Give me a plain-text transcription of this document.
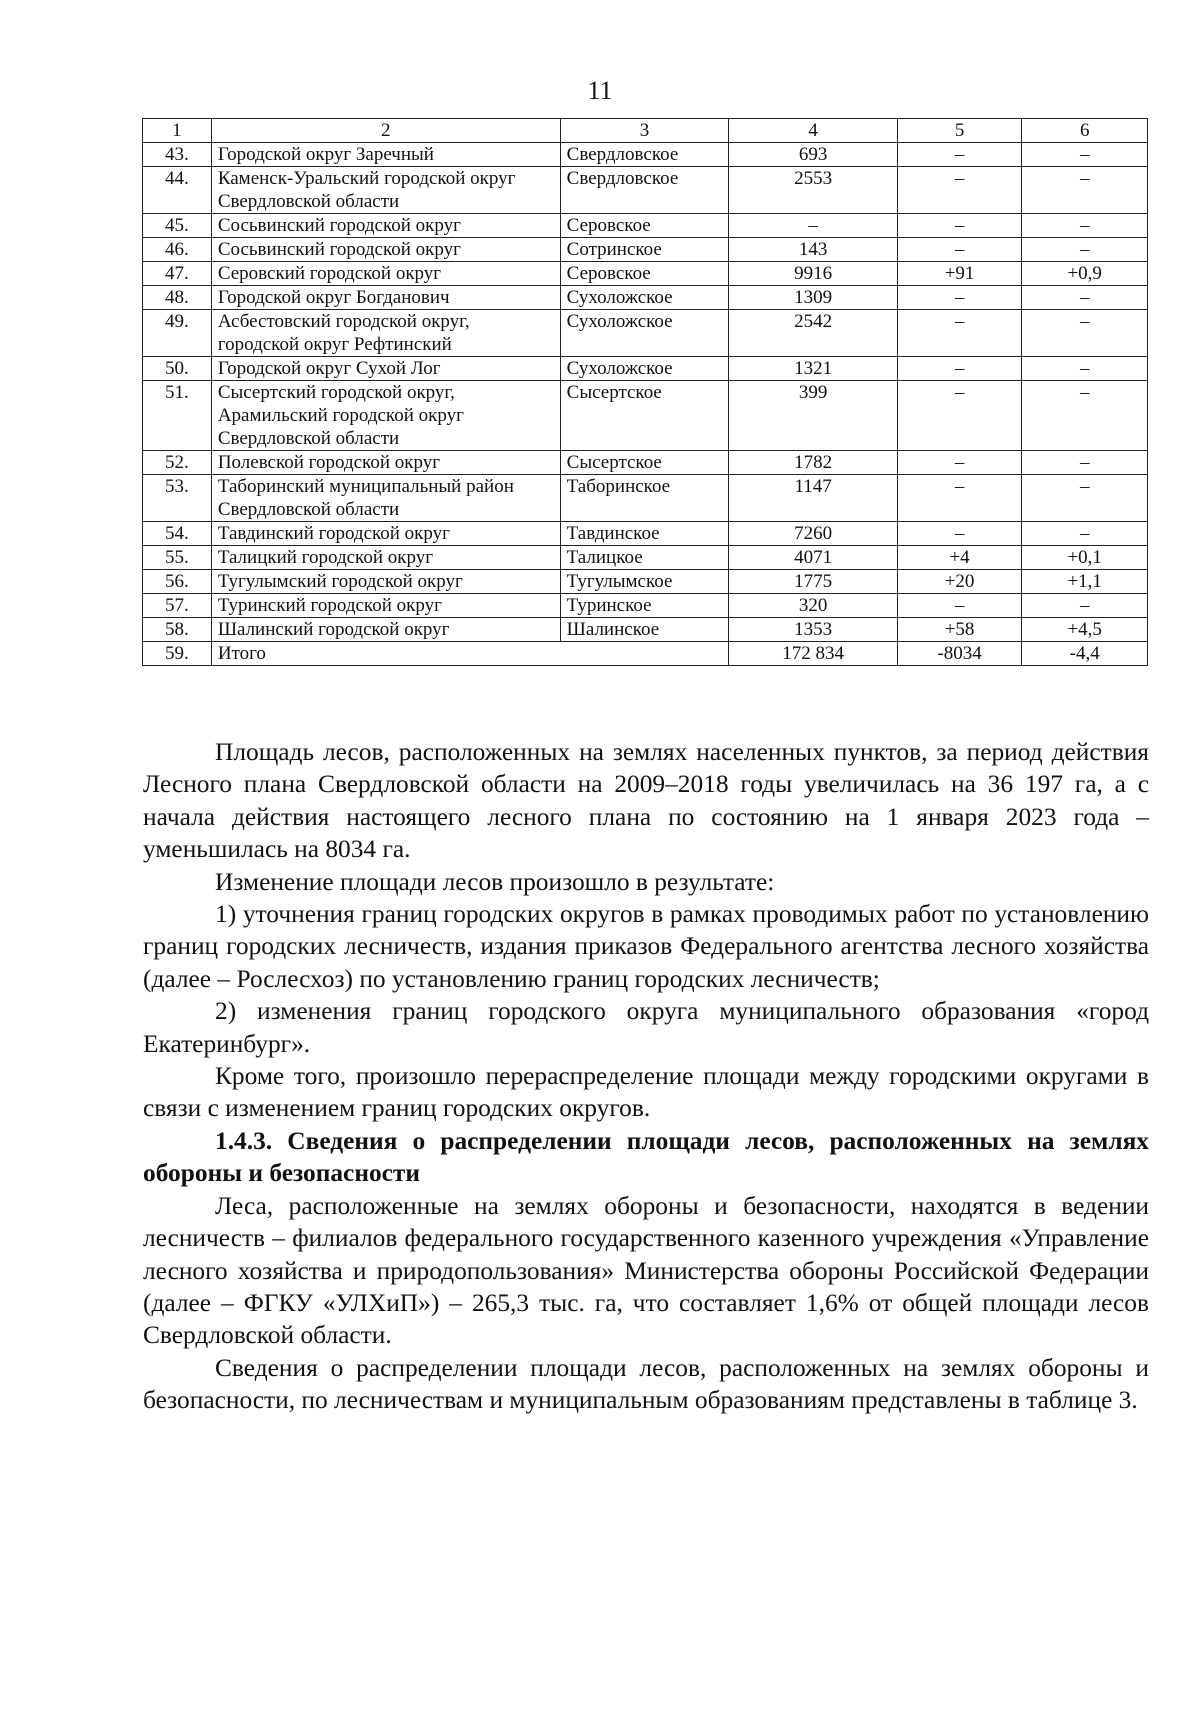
11
1	2	3	4	5	6
43.	Городской округ Заречный	Свердловское	693	–	–
44.	Каменск-Уральский городской округ Свердловской области	Свердловское	2553	–	–
45.	Сосьвинский городской округ	Серовское	–	–	–
46.	Сосьвинский городской округ	Сотринское	143	–	–
47.	Серовский городской округ	Серовское	9916	+91	+0,9
48.	Городской округ Богданович	Сухоложское	1309	–	–
49.	Асбестовский городской округ, городской округ Рефтинский	Сухоложское	2542	–	–
50.	Городской округ Сухой Лог	Сухоложское	1321	–	–
51.	Сысертский городской округ, Арамильский городской округ Свердловской области	Сысертское	399	–	–
52.	Полевской городской округ	Сысертское	1782	–	–
53.	Таборинский муниципальный район Свердловской области	Таборинское	1147	–	–
54.	Тавдинский городской округ	Тавдинское	7260	–	–
55.	Талицкий городской округ	Талицкое	4071	+4	+0,1
56.	Тугулымский городской округ	Тугулымское	1775	+20	+1,1
57.	Туринский городской округ	Туринское	320	–	–
58.	Шалинский городской округ	Шалинское	1353	+58	+4,5
59.	Итого		172 834	-8034	-4,4

Площадь лесов, расположенных на землях населенных пунктов, за период действия Лесного плана Свердловской области на 2009–2018 годы увеличилась на 36 197 га, а с начала действия настоящего лесного плана по состоянию на 1 января 2023 года – уменьшилась на 8034 га.

Изменение площади лесов произошло в результате:

1) уточнения границ городских округов в рамках проводимых работ по установлению границ городских лесничеств, издания приказов Федерального агентства лесного хозяйства (далее – Рослесхоз) по установлению границ городских лесничеств;

2) изменения границ городского округа муниципального образования «город Екатеринбург».

Кроме того, произошло перераспределение площади между городскими округами в связи с изменением границ городских округов.

1.4.3. Сведения о распределении площади лесов, расположенных на землях обороны и безопасности

Леса, расположенные на землях обороны и безопасности, находятся в ведении лесничеств – филиалов федерального государственного казенного учреждения «Управление лесного хозяйства и природопользования» Министерства обороны Российской Федерации (далее – ФГКУ «УЛХиП») – 265,3 тыс. га, что составляет 1,6% от общей площади лесов Свердловской области.

Сведения о распределении площади лесов, расположенных на землях обороны и безопасности, по лесничествам и муниципальным образованиям представлены в таблице 3.
